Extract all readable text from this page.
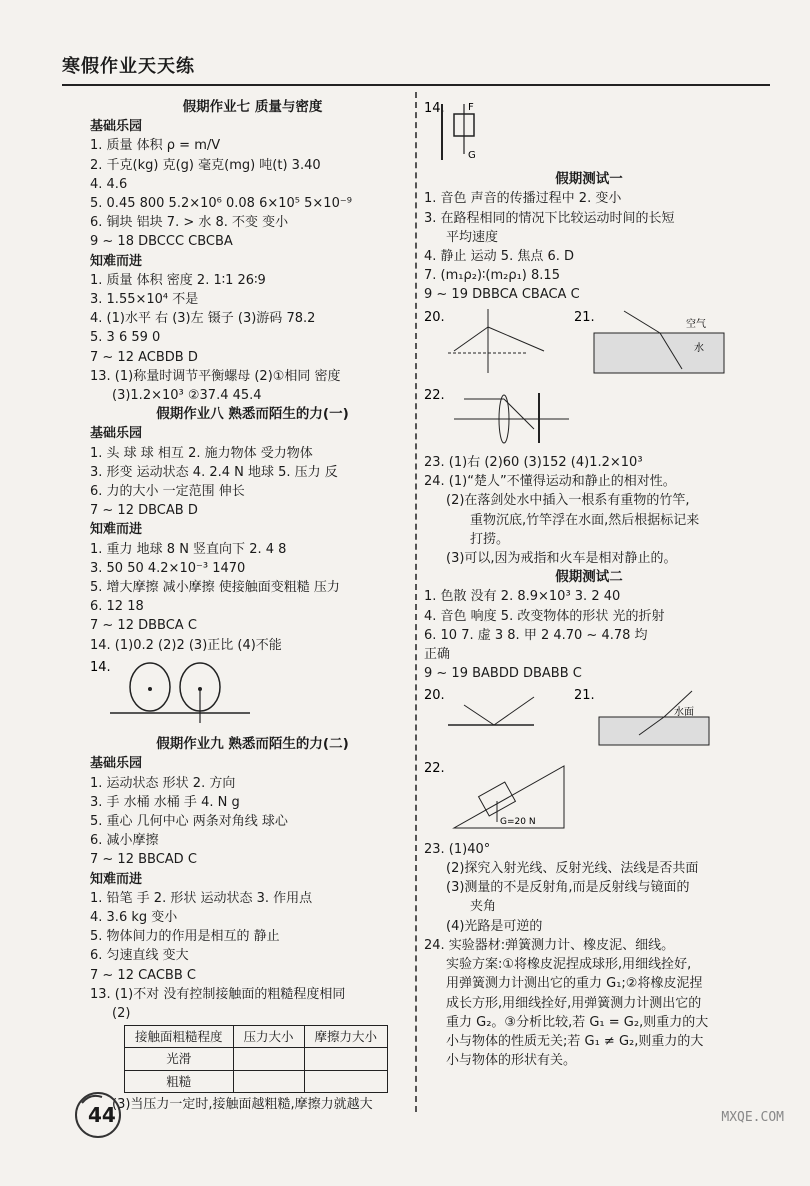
寒假作业天天练
假期作业七 质量与密度
基础乐园
1. 质量 体积 ρ = m/V
2. 千克(kg) 克(g) 毫克(mg) 吨(t) 3.40
4. 4.6
5. 0.45 800 5.2×10⁶ 0.08 6×10⁵ 5×10⁻⁹
6. 铜块 铝块 7. > 水 8. 不变 变小
9 ~ 18 DBCCC CBCBA
知难而进
1. 质量 体积 密度 2. 1∶1 26∶9
3. 1.55×10⁴ 不是
4. (1)水平 右 (3)左 镊子 (3)游码 78.2
5. 3 6 59 0
7 ~ 12 ACBDB D
13. (1)称量时调节平衡螺母 (2)①相同 密度
(3)1.2×10³ ②37.4 45.4
假期作业八 熟悉而陌生的力(一)
基础乐园
1. 头 球 球 相互 2. 施力物体 受力物体
3. 形变 运动状态 4. 2.4 N 地球 5. 压力 反
6. 力的大小 一定范围 伸长
7 ~ 12 DBCAB D
知难而进
1. 重力 地球 8 N 竖直向下 2. 4 8
3. 50 50 4.2×10⁻³ 1470
5. 增大摩擦 减小摩擦 使接触面变粗糙 压力
6. 12 18
7 ~ 12 DBBCA C
14. (1)0.2 (2)2 (3)正比 (4)不能
14.
假期作业九 熟悉而陌生的力(二)
基础乐园
1. 运动状态 形状 2. 方向
3. 手 水桶 水桶 手 4. N g
5. 重心 几何中心 两条对角线 球心
6. 减小摩擦
7 ~ 12 BBCAD C
知难而进
1. 铅笔 手 2. 形状 运动状态 3. 作用点
4. 3.6 kg 变小
5. 物体间力的作用是相互的 静止
6. 匀速直线 变大
7 ~ 12 CACBB C
13. (1)不对 没有控制接触面的粗糙程度相同
(2)
接触面粗糙程度	压力大小	摩擦力大小
光滑		
粗糙		
(3)当压力一定时,接触面越粗糙,摩擦力就越大
14. F
G
假期测试一
1. 音色 声音的传播过程中 2. 变小
3. 在路程相同的情况下比较运动时间的长短
平均速度
4. 静止 运动 5. 焦点 6. D
7. (m₁ρ₂)∶(m₂ρ₁) 8.15
9 ~ 19 DBBCA CBACA C
20.	21.	空气
水
22.
23. (1)右 (2)60 (3)152 (4)1.2×10³
24. (1)“楚人”不懂得运动和静止的相对性。
(2)在落剑处水中插入一根系有重物的竹竿,
重物沉底,竹竿浮在水面,然后根据标记来
打捞。
(3)可以,因为戒指和火车是相对静止的。
假期测试二
1. 色散 没有 2. 8.9×10³ 3. 2 40
4. 音色 响度 5. 改变物体的形状 光的折射
6. 10 7. 虚 3 8. 甲 2 4.70 ~ 4.78 均
正确
9 ~ 19 BABDD DBABB C
20.	21.
水面
22.
G=20 N
23. (1)40°
(2)探究入射光线、反射光线、法线是否共面
(3)测量的不是反射角,而是反射线与镜面的
夹角
(4)光路是可逆的
24. 实验器材:弹簧测力计、橡皮泥、细线。
实验方案:①将橡皮泥捏成球形,用细线拴好,
用弹簧测力计测出它的重力 G₁;②将橡皮泥捏
成长方形,用细线拴好,用弹簧测力计测出它的
重力 G₂。③分析比较,若 G₁ = G₂,则重力的大
小与物体的性质无关;若 G₁ ≠ G₂,则重力的大
小与物体的形状有关。
44	MXQE.COM
